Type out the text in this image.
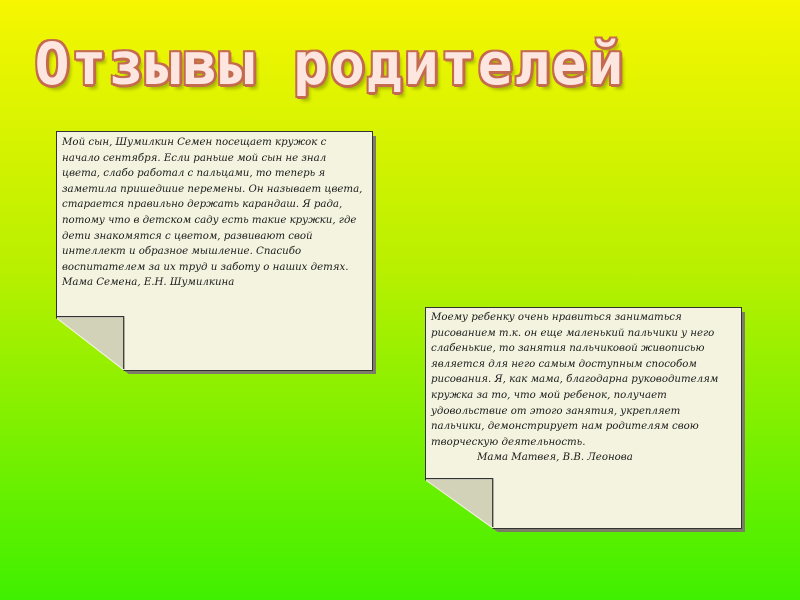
Отзывы родителей

Мой сын, Шумилкин Семен посещает кружок с начало сентября. Если раньше мой сын не знал цвета, слабо работал с пальцами, то теперь я заметила пришедшие перемены. Он называет цвета, старается правильно держать карандаш. Я рада, потому что в детском саду есть такие кружки, где дети знакомятся с цветом, развивают свой интеллект и образное мышление. Спасибо воспитателем за их труд и заботу о наших детях.

Мама Семена, Е.Н. Шумилкина

Моему ребенку очень нравиться заниматься рисованием т.к. он еще маленький пальчики у него слабенькие, то занятия пальчиковой живописью является для него самым доступным способом рисования. Я, как мама, благодарна руководителям кружка за то, что мой ребенок, получает удовольствие от этого занятия, укрепляет пальчики, демонстрирует нам родителям свою творческую деятельность.

Мама Матвея, В.В. Леонова
